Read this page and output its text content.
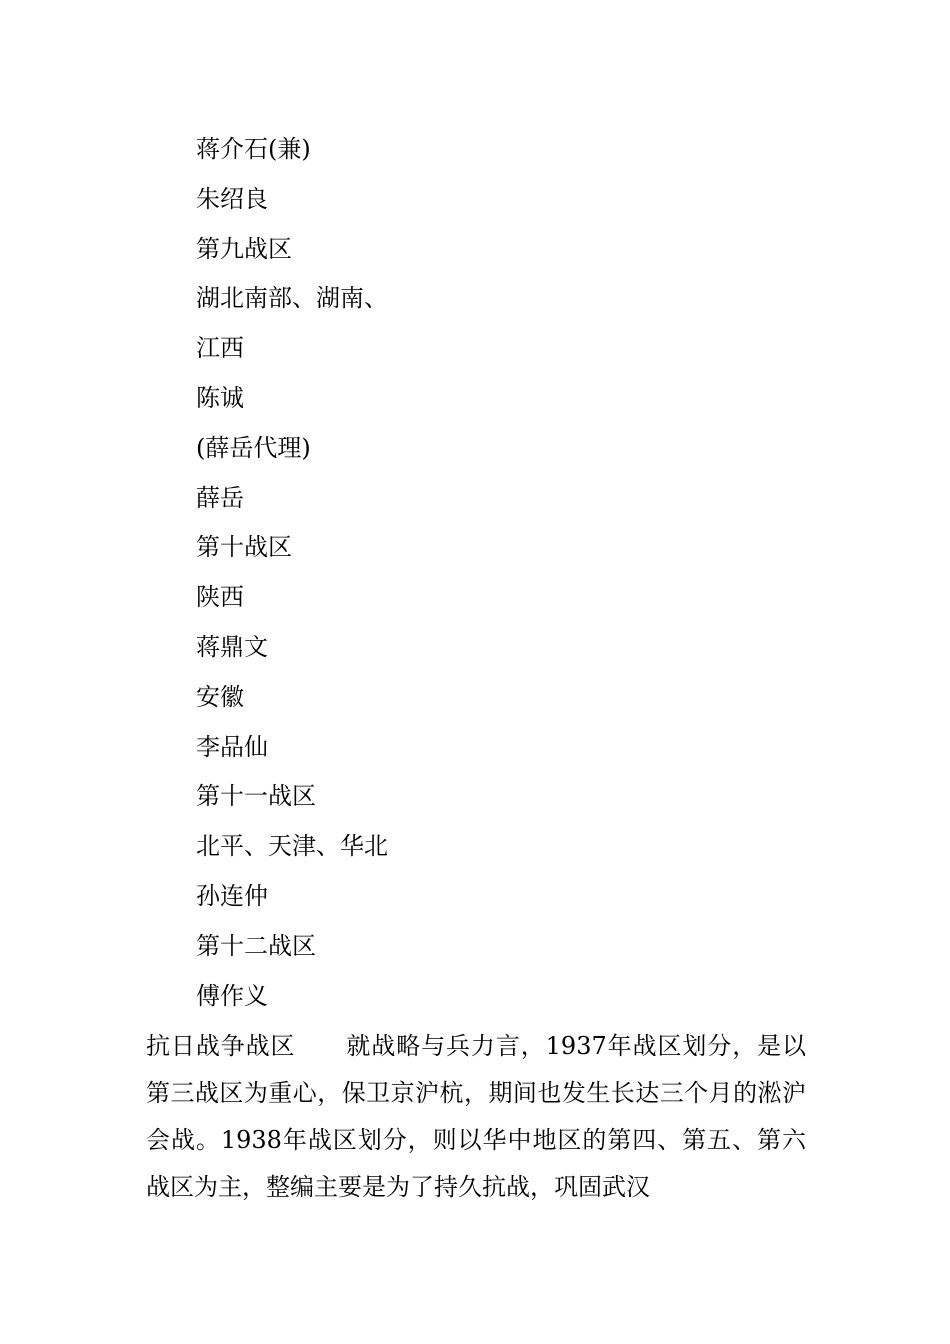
蒋介石(兼)
朱绍良
第九战区
湖北南部、湖南、
江西
陈诚
(薛岳代理)
薛岳
第十战区
陕西
蒋鼎文
安徽
李品仙
第十一战区
北平、天津、华北
孙连仲
第十二战区
傅作义

抗日战争战区 就战略与兵力言，1937年战区划分，是以第三战区为重心，保卫京沪杭，期间也发生长达三个月的淞沪会战。1938年战区划分，则以华中地区的第四、第五、第六战区为主，整编主要是为了持久抗战，巩固武汉
